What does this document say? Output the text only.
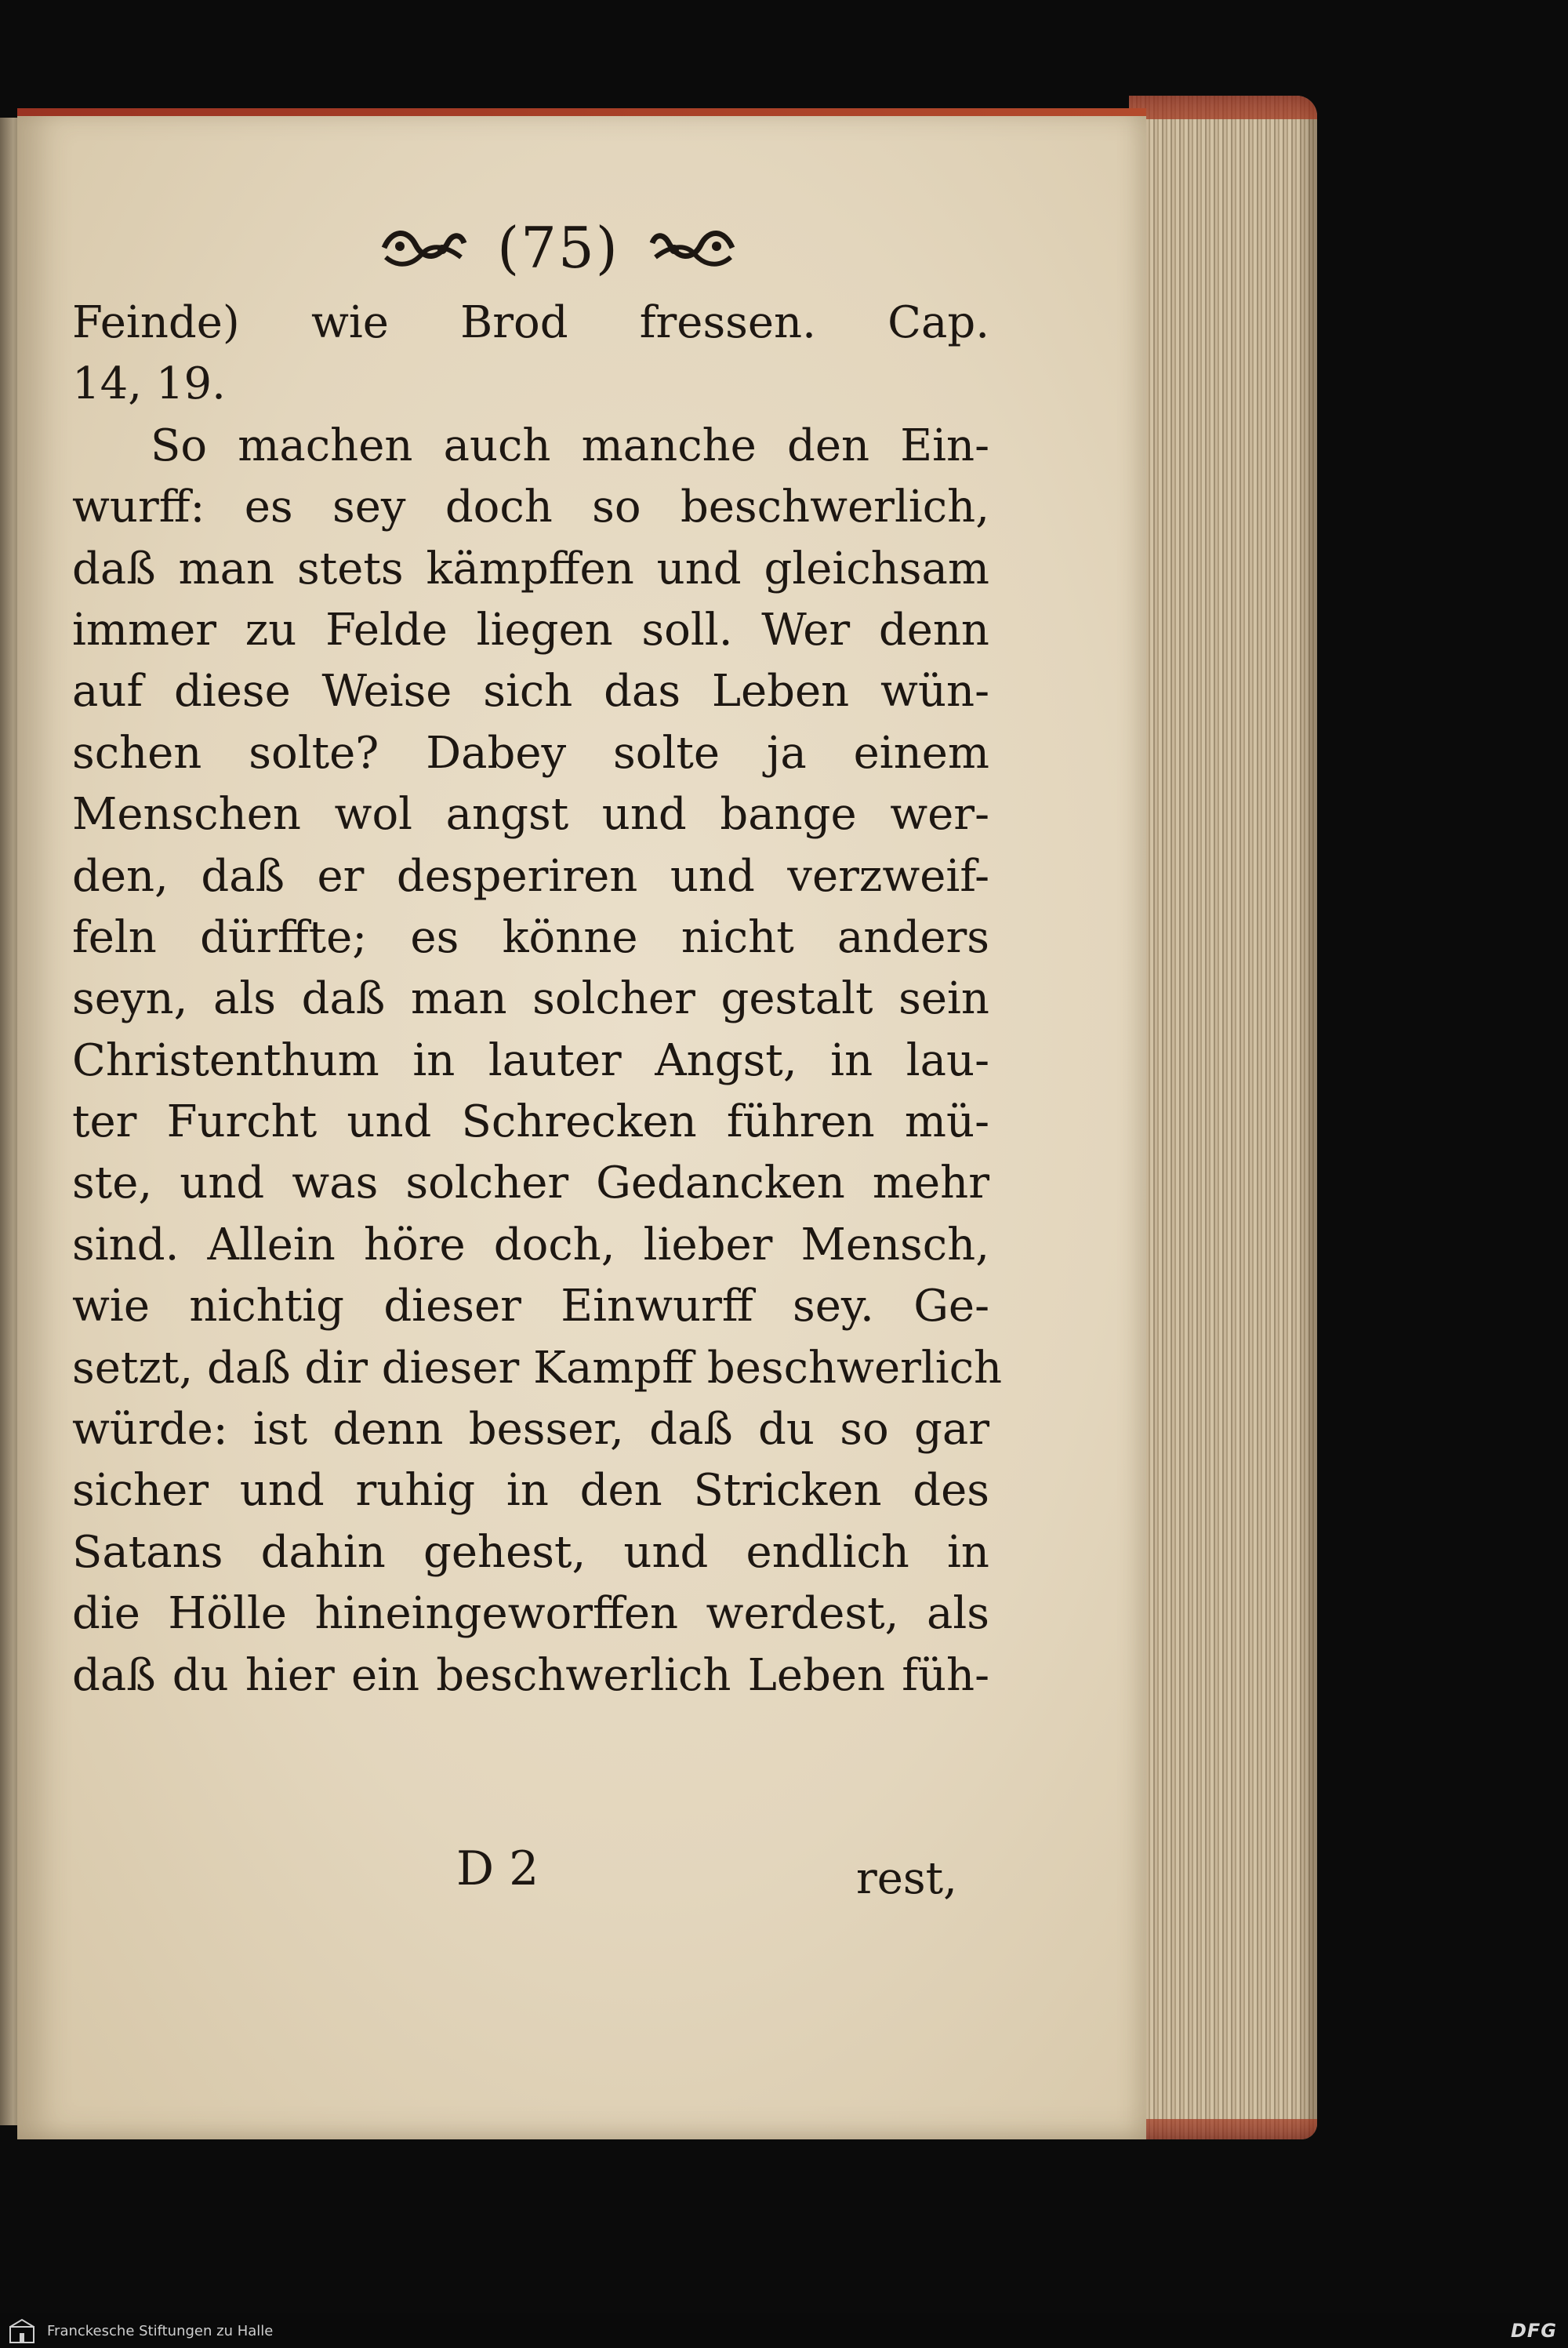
(75)
Feinde) wie Brod fressen. Cap.
14, 19.
So machen auch manche den Ein-
wurff: es sey doch so beschwerlich,
daß man stets kämpffen und gleichsam
immer zu Felde liegen soll. Wer denn
auf diese Weise sich das Leben wün-
schen solte? Dabey solte ja einem
Menschen wol angst und bange wer-
den, daß er desperiren und verzweif-
feln dürffte; es könne nicht anders
seyn, als daß man solcher gestalt sein
Christenthum in lauter Angst, in lau-
ter Furcht und Schrecken führen mü-
ste, und was solcher Gedancken mehr
sind. Allein höre doch, lieber Mensch,
wie nichtig dieser Einwurff sey. Ge-
setzt, daß dir dieser Kampff beschwerlich
würde: ist denn besser, daß du so gar
sicher und ruhig in den Stricken des
Satans dahin gehest, und endlich in
die Hölle hineingeworffen werdest, als
daß du hier ein beschwerlich Leben füh-
D 2	rest,
Franckesche Stiftungen zu Halle	DFG
